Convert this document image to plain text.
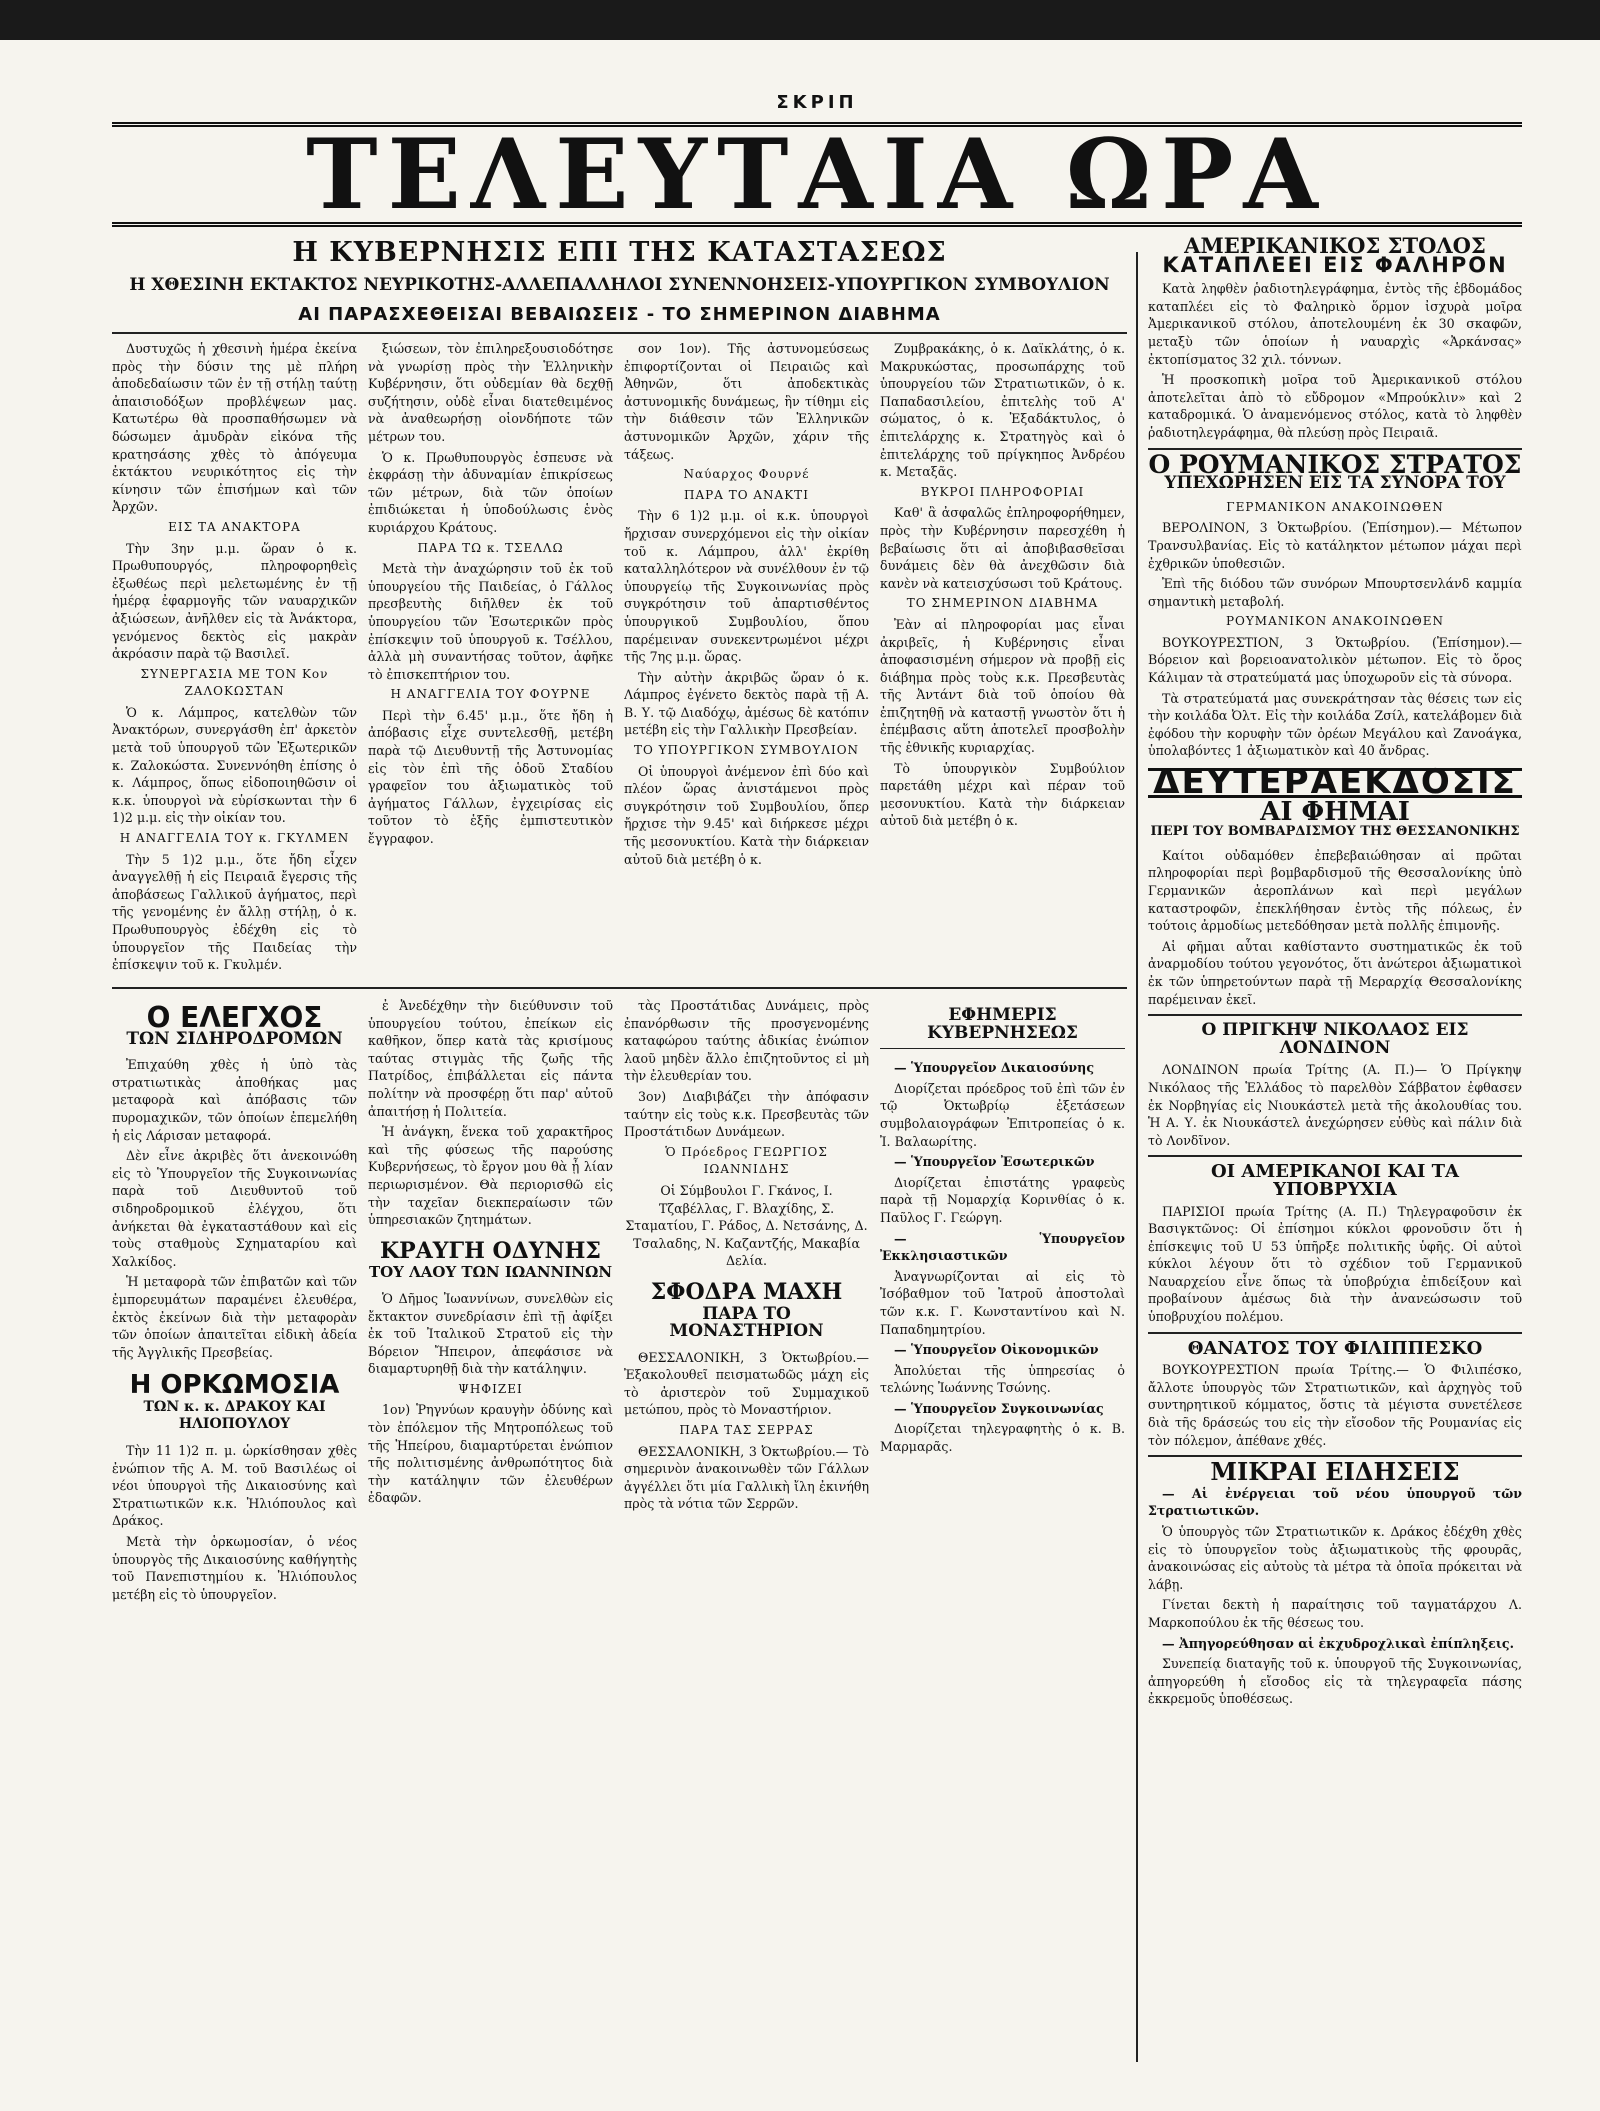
ΣΚΡΙΠ
ΤΕΛΕΥΤΑΙΑ ΩΡΑ
Η ΚΥΒΕΡΝΗΣΙΣ ΕΠΙ ΤΗΣ ΚΑΤΑΣΤΑΣΕΩΣ
Η ΧΘΕΣΙΝΗ ΕΚΤΑΚΤΟΣ ΝΕΥΡΙΚΟΤΗΣ-ΑΛΛΕΠΑΛΛΗΛΟΙ ΣΥΝΕΝΝΟΗΣΕΙΣ-ΥΠΟΥΡΓΙΚΟΝ ΣΥΜΒΟΥΛΙΟΝ
ΑΙ ΠΑΡΑΣΧΕΘΕΙΣΑΙ ΒΕΒΑΙΩΣΕΙΣ - ΤΟ ΣΗΜΕΡΙΝΟΝ ΔΙΑΒΗΜΑ

Δυστυχῶς ἡ χθεσινὴ ἡμέρα ἐκείνα πρὸς τὴν δύσιν της μὲ πλήρη ἀποδεδαίωσιν τῶν ἐν τῇ στήλῃ ταύτῃ ἀπαισιοδόξων προβλέψεων μας. Κατωτέρω θὰ προσπαθήσωμεν νὰ δώσωμεν ἀμυδρὰν εἰκόνα τῆς κρατησάσης χθὲς τὸ ἀπόγευμα ἐκτάκτου νευρικότητος εἰς τὴν κίνησιν τῶν ἐπισήμων καὶ τῶν Ἀρχῶν.

ΕΙΣ ΤΑ ΑΝΑΚΤΟΡΑ

Τὴν 3ην μ.μ. ὥραν ὁ κ. Πρωθυπουργός, πληροφορηθεὶς ἐξωθέως περὶ μελετωμένης ἐν τῇ ἡμέρᾳ ἐφαρμογῆς τῶν ναυαρχικῶν ἀξιώσεων, ἀνῆλθεν εἰς τὰ Ἀνάκτορα, γενόμενος δεκτὸς εἰς μακρὰν ἀκρόασιν παρὰ τῷ Βασιλεῖ.

ΣΥΝΕΡΓΑΣΙΑ ΜΕ ΤΟΝ Κον ΖΑΛΟΚΩΣΤΑΝ

Ὁ κ. Λάμπρος, κατελθὼν τῶν Ἀνακτόρων, συνεργάσθη ἐπ' ἀρκετὸν μετὰ τοῦ ὑπουργοῦ τῶν Ἐξωτερικῶν κ. Ζαλοκώστα. Συνεννόηθη ἐπίσης ὁ κ. Λάμπρος, ὅπως εἰδοποιηθῶσιν οἱ κ.κ. ὑπουργοὶ νὰ εὑρίσκωνται τὴν 6 1)2 μ.μ. εἰς τὴν οἰκίαν του.

Η ΑΝΑΓΓΕΛΙΑ ΤΟΥ κ. ΓΚΥΛΜΕΝ

Τὴν 5 1)2 μ.μ., ὅτε ἤδη εἶχεν ἀναγγελθῇ ἡ εἰς Πειραιᾶ ἔγερσις τῆς ἀποβάσεως Γαλλικοῦ ἀγήματος, περὶ τῆς γενομένης ἐν ἄλλῃ στήλῃ, ὁ κ. Πρωθυπουργὸς ἐδέχθη εἰς τὸ ὑπουργεῖον τῆς Παιδείας τὴν ἐπίσκεψιν τοῦ κ. Γκυλμέν.

ξιώσεων, τὸν ἐπιληρεξουσιοδότησε νὰ γνωρίσῃ πρὸς τὴν Ἑλληνικὴν Κυβέρνησιν, ὅτι οὐδεμίαν θὰ δεχθῇ συζήτησιν, οὐδὲ εἶναι διατεθειμένος νὰ ἀναθεωρήσῃ οἱονδήποτε τῶν μέτρων του.

Ὁ κ. Πρωθυπουργὸς ἐσπευσε νὰ ἐκφράσῃ τὴν ἀδυναμίαν ἐπικρίσεως τῶν μέτρων, διὰ τῶν ὁποίων ἐπιδιώκεται ἡ ὑποδούλωσις ἑνὸς κυριάρχου Κράτους.

ΠΑΡΑ ΤΩ κ. ΤΣΕΛΛΩ

Μετὰ τὴν ἀναχώρησιν τοῦ ἐκ τοῦ ὑπουργείου τῆς Παιδείας, ὁ Γάλλος πρεσβευτὴς διῆλθεν ἐκ τοῦ ὑπουργείου τῶν Ἐσωτερικῶν πρὸς ἐπίσκεψιν τοῦ ὑπουργοῦ κ. Τσέλλου, ἀλλὰ μὴ συναντήσας τοῦτον, ἀφῆκε τὸ ἐπισκεπτήριον του.

Η ΑΝΑΓΓΕΛΙΑ ΤΟΥ ΦΟΥΡΝΕ

Περὶ τὴν 6.45' μ.μ., ὅτε ἤδη ἡ ἀπόβασις εἶχε συντελεσθῇ, μετέβη παρὰ τῷ Διευθυντῇ τῆς Ἀστυνομίας εἰς τὸν ἐπὶ τῆς ὁδοῦ Σταδίου γραφεῖον του ἀξιωματικὸς τοῦ ἀγήματος Γάλλων, ἐγχειρίσας εἰς τοῦτον τὸ ἑξῆς ἐμπιστευτικὸν ἔγγραφον.

σον 1ον). Τῆς ἀστυνομεύσεως ἐπιφορτίζονται οἱ Πειραιῶς καὶ Ἀθηνῶν, ὅτι ἀποδεκτικὰς ἀστυνομικῆς δυνάμεως, ἣν τίθημι εἰς τὴν διάθεσιν τῶν Ἑλληνικῶν ἀστυνομικῶν Ἀρχῶν, χάριν τῆς τάξεως.

Ναύαρχος Φουρνέ

ΠΑΡΑ ΤΟ ΑΝΑΚΤΙ

Τὴν 6 1)2 μ.μ. οἱ κ.κ. ὑπουργοὶ ἤρχισαν συνερχόμενοι εἰς τὴν οἰκίαν τοῦ κ. Λάμπρου, ἀλλ' ἐκρίθη καταλληλότερον νὰ συνέλθουν ἐν τῷ ὑπουργείῳ τῆς Συγκοινωνίας πρὸς συγκρότησιν τοῦ ἀπαρτισθέντος ὑπουργικοῦ Συμβουλίου, ὅπου παρέμειναν συνεκεντρωμένοι μέχρι τῆς 7ης μ.μ. ὥρας.

Τὴν αὐτὴν ἀκριβῶς ὥραν ὁ κ. Λάμπρος ἐγένετο δεκτὸς παρὰ τῇ Α. Β. Υ. τῷ Διαδόχῳ, ἀμέσως δὲ κατόπιν μετέβη εἰς τὴν Γαλλικὴν Πρεσβείαν.

ΤΟ ΥΠΟΥΡΓΙΚΟΝ ΣΥΜΒΟΥΛΙΟΝ

Οἱ ὑπουργοὶ ἀνέμενον ἐπὶ δύο καὶ πλέον ὥρας ἀνιστάμενοι πρὸς συγκρότησιν τοῦ Συμβουλίου, ὅπερ ἤρχισε τὴν 9.45' καὶ διήρκεσε μέχρι τῆς μεσονυκτίου. Κατὰ τὴν διάρκειαν αὐτοῦ διὰ μετέβη ὁ κ.

Ζυμβρακάκης, ὁ κ. Δαϊκλάτης, ὁ κ. Μακρυκώστας, προσωπάρχης τοῦ ὑπουργείου τῶν Στρατιωτικῶν, ὁ κ. Παπαδασιλείου, ἐπιτελὴς τοῦ Α' σώματος, ὁ κ. Ἐξαδάκτυλος, ὁ ἐπιτελάρχης κ. Στρατηγὸς καὶ ὁ ἐπιτελάρχης τοῦ πρίγκηπος Ἀνδρέου κ. Μεταξᾶς.

ΒΥΚΡΟΙ ΠΛΗΡΟΦΟΡΙΑΙ

Καθ' ἃ ἀσφαλῶς ἐπληροφορήθημεν, πρὸς τὴν Κυβέρνησιν παρεσχέθη ἡ βεβαίωσις ὅτι αἱ ἀποβιβασθεῖσαι δυνάμεις δὲν θὰ ἀνεχθῶσιν διὰ κανὲν νὰ κατεισχύσωσι τοῦ Κράτους.

ΤΟ ΣΗΜΕΡΙΝΟΝ ΔΙΑΒΗΜΑ

Ἐὰν αἱ πληροφορίαι μας εἶναι ἀκριβεῖς, ἡ Κυβέρνησις εἶναι ἀποφασισμένη σήμερον νὰ προβῇ εἰς διάβημα πρὸς τοὺς κ.κ. Πρεσβευτὰς τῆς Ἀντάντ διὰ τοῦ ὁποίου θὰ ἐπιζητηθῇ νὰ καταστῇ γνωστὸν ὅτι ἡ ἐπέμβασις αὕτη ἀποτελεῖ προσβολὴν τῆς ἐθνικῆς κυριαρχίας.

Τὸ ὑπουργικὸν Συμβούλιον παρετάθη μέχρι καὶ πέραν τοῦ μεσονυκτίου. Κατὰ τὴν διάρκειαν αὐτοῦ διὰ μετέβη ὁ κ.

Ο ΕΛΕΓΧΟΣ
ΤΩΝ ΣΙΔΗΡΟΔΡΟΜΩΝ

Ἐπιχαύθη χθὲς ἡ ὑπὸ τὰς στρατιωτικὰς ἀποθήκας μας μεταφορὰ καὶ ἀπόβασις τῶν πυρομαχικῶν, τῶν ὁποίων ἐπεμελήθη ἡ εἰς Λάρισαν μεταφορά.

Δὲν εἶνε ἀκριβὲς ὅτι ἀνεκοινώθη εἰς τὸ Ὑπουργεῖον τῆς Συγκοινωνίας παρὰ τοῦ Διευθυντοῦ τοῦ σιδηροδρομικοῦ ἐλέγχου, ὅτι ἀνήκεται θὰ ἐγκαταστάθουν καὶ εἰς τοὺς σταθμοὺς Σχηματαρίου καὶ Χαλκίδος.

Ἡ μεταφορὰ τῶν ἐπιβατῶν καὶ τῶν ἐμπορευμάτων παραμένει ἐλευθέρα, ἐκτὸς ἐκείνων διὰ τὴν μεταφορὰν τῶν ὁποίων ἀπαιτεῖται εἰδικὴ ἀδεία τῆς Ἀγγλικῆς Πρεσβείας.

Η ΟΡΚΩΜΟΣΙΑ
ΤΩΝ κ. κ. ΔΡΑΚΟΥ ΚΑΙ ΗΛΙΟΠΟΥΛΟΥ

Τὴν 11 1)2 π. μ. ὡρκίσθησαν χθὲς ἐνώπιον τῆς Α. Μ. τοῦ Βασιλέως οἱ νέοι ὑπουργοὶ τῆς Δικαιοσύνης καὶ Στρατιωτικῶν κ.κ. Ἠλιόπουλος καὶ Δράκος.

Μετὰ τὴν ὁρκωμοσίαν, ὁ νέος ὑπουργὸς τῆς Δικαιοσύνης καθήγητὴς τοῦ Πανεπιστημίου κ. Ἠλιόπουλος μετέβη εἰς τὸ ὑπουργεῖον.

ἐ Ἀνεδέχθην τὴν διεύθυνσιν τοῦ ὑπουργείου τούτου, ἐπείκων εἰς καθῆκον, ὅπερ κατὰ τὰς κρισίμους ταύτας στιγμὰς τῆς ζωῆς τῆς Πατρίδος, ἐπιβάλλεται εἰς πάντα πολίτην νὰ προσφέρῃ ὅτι παρ' αὐτοῦ ἀπαιτήσῃ ἡ Πολιτεία.

Ἡ ἀνάγκη, ἕνεκα τοῦ χαρακτῆρος καὶ τῆς φύσεως τῆς παρούσης Κυβερνήσεως, τὸ ἔργον μου θὰ ᾖ λίαν περιωρισμένον. Θὰ περιορισθῶ εἰς τὴν ταχεῖαν διεκπεραίωσιν τῶν ὑπηρεσιακῶν ζητημάτων.

ΚΡΑΥΓΗ ΟΔΥΝΗΣ
ΤΟΥ ΛΑΟΥ ΤΩΝ ΙΩΑΝΝΙΝΩΝ

Ὁ Δῆμος Ἰωαννίνων, συνελθὼν εἰς ἔκτακτον συνεδρίασιν ἐπὶ τῇ ἀφίξει ἐκ τοῦ Ἰταλικοῦ Στρατοῦ εἰς τὴν Βόρειον Ἤπειρον, ἀπεφάσισε νὰ διαμαρτυρηθῇ διὰ τὴν κατάληψιν.

ΨΗΦΙΖΕΙ

1ον) Ῥηγνύων κραυγὴν ὀδύνης καὶ τὸν ἐπόλεμον τῆς Μητροπόλεως τοῦ τῆς Ἠπείρου, διαμαρτύρεται ἐνώπιον τῆς πολιτισμένης ἀνθρωπότητος διὰ τὴν κατάληψιν τῶν ἐλευθέρων ἐδαφῶν.

τὰς Προστάτιδας Δυνάμεις, πρὸς ἐπανόρθωσιν τῆς προσγενομένης καταφώρου ταύτης ἀδικίας ἐνώπιον λαοῦ μηδὲν ἄλλο ἐπιζητοῦντος εἰ μὴ τὴν ἐλευθερίαν του.

3ον) Διαβιβάζει τὴν ἀπόφασιν ταύτην εἰς τοὺς κ.κ. Πρεσβευτὰς τῶν Προστάτιδων Δυνάμεων.

Ὁ Πρόεδρος ΓΕΩΡΓΙΟΣ ΙΩΑΝΝΙΔΗΣ

Οἱ Σύμβουλοι Γ. Γκάνος, Ι. Τζαβέλλας, Γ. Βλαχίδης, Σ. Σταματίου, Γ. Ράδος, Δ. Νετσάνης, Δ. Τσαλαδης, Ν. Καζαντζής, Μακαβία Δελία.

ΣΦΟΔΡΑ ΜΑΧΗ
ΠΑΡΑ ΤΟ ΜΟΝΑΣΤΗΡΙΟΝ

ΘΕΣΣΑΛΟΝΙΚΗ, 3 Ὀκτωβρίου.— Ἐξακολουθεῖ πεισματωδῶς μάχη εἰς τὸ ἀριστερὸν τοῦ Συμμαχικοῦ μετώπου, πρὸς τὸ Μοναστήριον.

ΠΑΡΑ ΤΑΣ ΣΕΡΡΑΣ

ΘΕΣΣΑΛΟΝΙΚΗ, 3 Ὀκτωβρίου.— Τὸ σημερινὸν ἀνακοινωθὲν τῶν Γάλλων ἀγγέλλει ὅτι μία Γαλλικὴ ἴλη ἐκινήθη πρὸς τὰ νότια τῶν Σερρῶν.

ΕΦΗΜΕΡΙΣ ΚΥΒΕΡΝΗΣΕΩΣ

— Ὑπουργεῖον Δικαιοσύνης

Διορίζεται πρόεδρος τοῦ ἐπὶ τῶν ἐν τῷ Ὀκτωβρίῳ ἐξετάσεων συμβολαιογράφων Ἐπιτροπείας ὁ κ. Ἰ. Βαλαωρίτης.

— Ὑπουργεῖον Ἐσωτερικῶν

Διορίζεται ἐπιστάτης γραφεὺς παρὰ τῇ Νομαρχίᾳ Κορινθίας ὁ κ. Παῦλος Γ. Γεώργη.

— Ὑπουργεῖον Ἐκκλησιαστικῶν

Ἀναγνωρίζονται αἱ εἰς τὸ Ἰσόβαθμον τοῦ Ἰατροῦ ἀποστολαὶ τῶν κ.κ. Γ. Κωνσταντίνου καὶ Ν. Παπαδημητρίου.

— Ὑπουργεῖον Οἰκονομικῶν

Ἀπολύεται τῆς ὑπηρεσίας ὁ τελώνης Ἰωάννης Τσώνης.

— Ὑπουργεῖον Συγκοινωνίας

Διορίζεται τηλεγραφητὴς ὁ κ. Β. Μαρμαρᾶς.

ΑΜΕΡΙΚΑΝΙΚΟΣ ΣΤΟΛΟΣ
ΚΑΤΑΠΛΕΕΙ ΕΙΣ ΦΑΛΗΡΟΝ

Κατὰ ληφθὲν ῥαδιοτηλεγράφημα, ἐντὸς τῆς ἑβδομάδος καταπλέει εἰς τὸ Φαληρικὸ ὅρμον ἰσχυρὰ μοῖρα Ἀμερικανικοῦ στόλου, ἀποτελουμένη ἐκ 30 σκαφῶν, μεταξὺ τῶν ὁποίων ἡ ναυαρχὶς «Ἀρκάνσας» ἐκτοπίσματος 32 χιλ. τόννων.

Ἡ προσκοπικὴ μοῖρα τοῦ Ἀμερικανικοῦ στόλου ἀποτελεῖται ἀπὸ τὸ εὔδρομον «Μπρούκλιν» καὶ 2 καταδρομικά. Ὁ ἀναμενόμενος στόλος, κατὰ τὸ ληφθὲν ῥαδιοτηλεγράφημα, θὰ πλεύσῃ πρὸς Πειραιᾶ.

Ο ΡΟΥΜΑΝΙΚΟΣ ΣΤΡΑΤΟΣ
ΥΠΕΧΩΡΗΣΕΝ ΕΙΣ ΤΑ ΣΥΝΟΡΑ ΤΟΥ

ΓΕΡΜΑΝΙΚΟΝ ΑΝΑΚΟΙΝΩΘΕΝ

ΒΕΡΟΛΙΝΟΝ, 3 Ὀκτωβρίου. (Ἐπίσημον).— Μέτωπον Τρανσυλβανίας. Εἰς τὸ κατάληκτον μέτωπον μάχαι περὶ ἐχθρικῶν ὑποθεσιῶν.

Ἐπὶ τῆς διόδου τῶν συνόρων Μπουρτσενλάνδ καμμία σημαντικὴ μεταβολή.

ΡΟΥΜΑΝΙΚΟΝ ΑΝΑΚΟΙΝΩΘΕΝ

ΒΟΥΚΟΥΡΕΣΤΙΟΝ, 3 Ὀκτωβρίου. (Ἐπίσημον).— Βόρειον καὶ βορειοανατολικὸν μέτωπον. Εἰς τὸ ὄρος Κάλιμαν τὰ στρατεύματά μας ὑποχωροῦν εἰς τὰ σύνορα.

Τὰ στρατεύματά μας συνεκράτησαν τὰς θέσεις των εἰς τὴν κοιλάδα Ὀλτ. Εἰς τὴν κοιλάδα Ζσίλ, κατελάβομεν διὰ ἐφόδου τὴν κορυφὴν τῶν ὀρέων Μεγάλου καὶ Ζανοάγκα, ὑπολαβόντες 1 ἀξιωματικὸν καὶ 40 ἄνδρας.

ΔΕΥΤΕΡΑΕΚΔΟΣΙΣ
ΑΙ ΦΗΜΑΙ
ΠΕΡΙ ΤΟΥ ΒΟΜΒΑΡΔΙΣΜΟΥ ΤΗΣ ΘΕΣΣΑΝΟΝΙΚΗΣ

Καίτοι οὐδαμόθεν ἐπεβεβαιώθησαν αἱ πρῶται πληροφορίαι περὶ βομβαρδισμοῦ τῆς Θεσσαλονίκης ὑπὸ Γερμανικῶν ἀεροπλάνων καὶ περὶ μεγάλων καταστροφῶν, ἐπεκλήθησαν ἐντὸς τῆς πόλεως, ἐν τούτοις ἀρμοδίως μετεδόθησαν μετὰ πολλῆς ἐπιμονῆς.

Αἱ φῆμαι αὗται καθίσταντο συστηματικῶς ἐκ τοῦ ἀναρμοδίου τούτου γεγονότος, ὅτι ἀνώτεροι ἀξιωματικοὶ ἐκ τῶν ὑπηρετούντων παρὰ τῇ Μεραρχίᾳ Θεσσαλονίκης παρέμειναν ἐκεῖ.

Ο ΠΡΙΓΚΗΨ ΝΙΚΟΛΑΟΣ ΕΙΣ ΛΟΝΔΙΝΟΝ

ΛΟΝΔΙΝΟΝ πρωία Τρίτης (Α. Π.)— Ὁ Πρίγκηψ Νικόλαος τῆς Ἑλλάδος τὸ παρελθὸν Σάββατον ἐφθασεν ἐκ Νορβηγίας εἰς Νιουκάστελ μετὰ τῆς ἀκολουθίας του. Ἡ Α. Υ. ἐκ Νιουκάστελ ἀνεχώρησεν εὐθὺς καὶ πάλιν διὰ τὸ Λονδῖνον.

ΟΙ ΑΜΕΡΙΚΑΝΟΙ ΚΑΙ ΤΑ ΥΠΟΒΡΥΧΙΑ

ΠΑΡΙΣΙΟΙ πρωία Τρίτης (Α. Π.) Τηλεγραφοῦσιν ἐκ Βασιγκτῶνος: Οἱ ἐπίσημοι κύκλοι φρονοῦσιν ὅτι ἡ ἐπίσκεψις τοῦ U 53 ὑπῆρξε πολιτικῆς ὑφῆς. Οἱ αὐτοὶ κύκλοι λέγουν ὅτι τὸ σχέδιον τοῦ Γερμανικοῦ Ναυαρχείου εἶνε ὅπως τὰ ὑποβρύχια ἐπιδείξουν καὶ προβαίνουν ἀμέσως διὰ τὴν ἀνανεώσωσιν τοῦ ὑποβρυχίου πολέμου.

ΘΑΝΑΤΟΣ ΤΟΥ ΦΙΛΙΠΠΕΣΚΟ

ΒΟΥΚΟΥΡΕΣΤΙΟΝ πρωία Τρίτης.— Ὁ Φιλιπέσκο, ἄλλοτε ὑπουργὸς τῶν Στρατιωτικῶν, καὶ ἀρχηγὸς τοῦ συντηρητικοῦ κόμματος, ὅστις τὰ μέγιστα συνετέλεσε διὰ τῆς δράσεώς του εἰς τὴν εἴσοδον τῆς Ρουμανίας εἰς τὸν πόλεμον, ἀπέθανε χθές.

ΜΙΚΡΑΙ ΕΙΔΗΣΕΙΣ

— Αἱ ἐνέργειαι τοῦ νέου ὑπουργοῦ τῶν Στρατιωτικῶν.

Ὁ ὑπουργὸς τῶν Στρατιωτικῶν κ. Δράκος ἐδέχθη χθὲς εἰς τὸ ὑπουργεῖον τοὺς ἀξιωματικοὺς τῆς φρουρᾶς, ἀνακοινώσας εἰς αὐτοὺς τὰ μέτρα τὰ ὁποῖα πρόκειται νὰ λάβῃ.

Γίνεται δεκτὴ ἡ παραίτησις τοῦ ταγματάρχου Λ. Μαρκοπούλου ἐκ τῆς θέσεως του.

— Ἀπηγορεύθησαν αἱ ἐκχυδροχλικαὶ ἐπίπληξεις.

Συνεπείᾳ διαταγῆς τοῦ κ. ὑπουργοῦ τῆς Συγκοινωνίας, ἀπηγορεύθη ἡ εἴσοδος εἰς τὰ τηλεγραφεῖα πάσης ἐκκρεμοῦς ὑποθέσεως.
